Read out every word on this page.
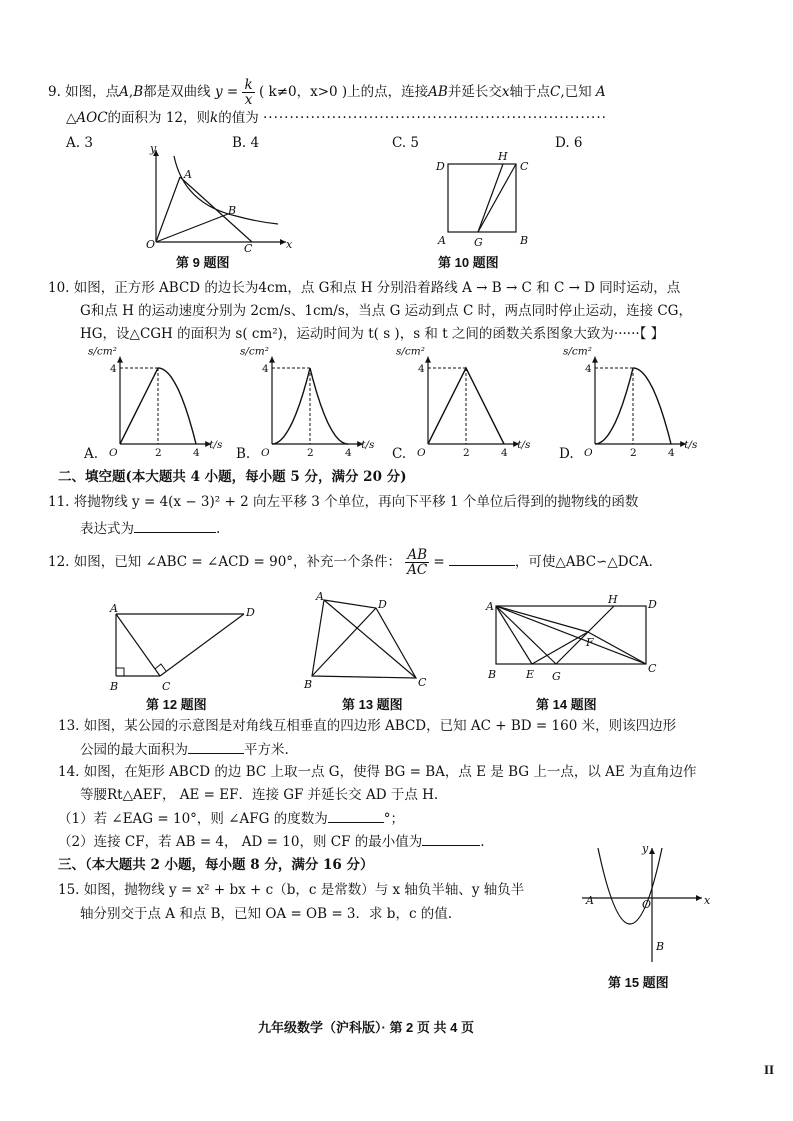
9. 如图，点A,B都是双曲线 $y = \frac{k}{x}$ ( k≠0，x>0 )上的点，连接AB并延长交x轴于点C,已知 A
△AOC的面积为 12，则k的值为 ·································································
A. 3	B. 4	C. 5	D. 6
y
A
B
O	C	x
第 9 题图
D
H
C
A	G	B
第 10 题图
10. 如图，正方形 ABCD 的边长为4cm，点 G和点 H 分别沿着路线 A → B → C 和 C → D 同时运动，点
G和点 H 的运动速度分别为 2cm/s、1cm/s，当点 G 运动到点 C 时，两点同时停止运动，连接 CG，
HG，设△CGH 的面积为 s( cm²)，运动时间为 t( s )，s 和 t 之间的函数关系图象大致为······【 】
s/cm²
t/s
O	2	4
4
s/cm²
t/s
O	2	4
4
s/cm²
t/s
O	2	4
4
s/cm²
t/s
O	2	4
4
A.	B.	C.	D.
二、填空题(本大题共 4 小题，每小题 5 分，满分 20 分)
11. 将抛物线 y = 4(x − 3)² + 2 向左平移 3 个单位，再向下平移 1 个单位后得到的抛物线的函数
表达式为	.
12. 如图，已知 ∠ABC = ∠ACD = 90°，补充一个条件： $\frac{AB}{AC}$ =	，可使△ABC∽△DCA.
A	D
B	C
第 12 题图
A
D
B	C
第 13 题图
A
H	D
F
B	E G
C
第 14 题图
13. 如图，某公园的示意图是对角线互相垂直的四边形 ABCD，已知 AC + BD = 160 米，则该四边形
公园的最大面积为	平方米.
14. 如图，在矩形 ABCD 的边 BC 上取一点 G，使得 BG = BA，点 E 是 BG 上一点，以 AE 为直角边作
等腰Rt△AEF， AE = EF．连接 GF 并延长交 AD 于点 H.
（1）若 ∠EAG = 10°，则 ∠AFG 的度数为	°；
（2）连接 CF，若 AB = 4， AD = 10，则 CF 的最小值为	.
三、（本大题共 2 小题，每小题 8 分，满分 16 分）
15. 如图，抛物线 y = x² + bx + c（b，c 是常数）与 x 轴负半轴、y 轴负半
轴分别交于点 A 和点 B，已知 OA = OB = 3．求 b，c 的值.
y
x
A	O
B
第 15 题图
九年级数学（沪科版）· 第 2 页 共 4 页
II
